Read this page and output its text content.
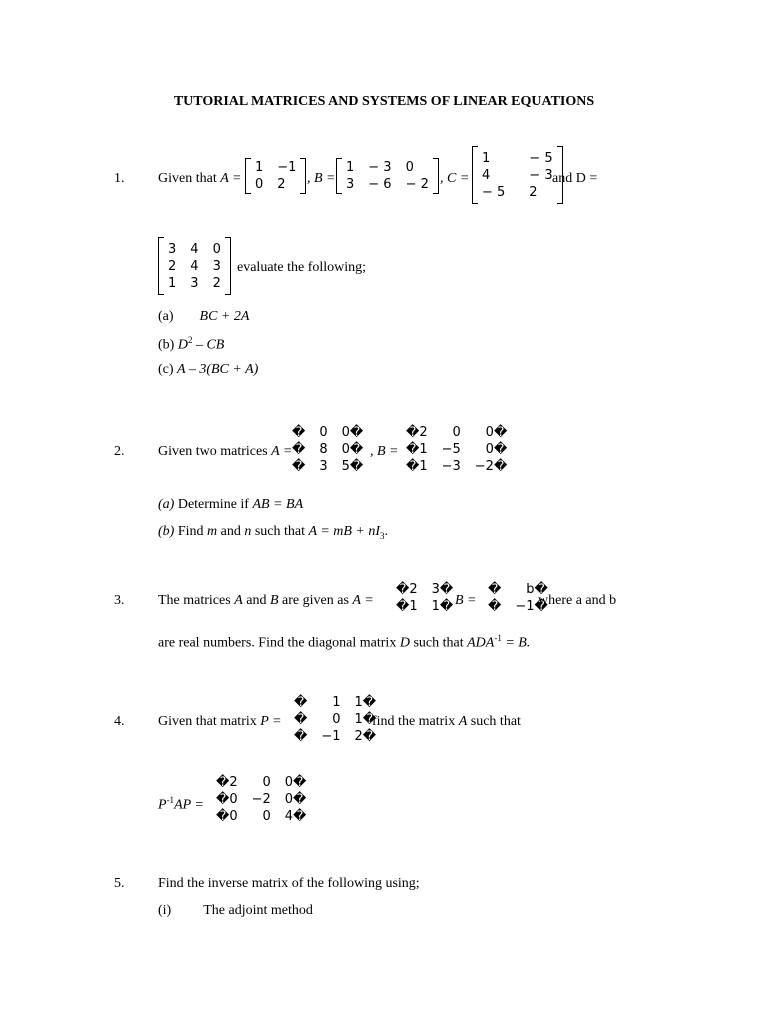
TUTORIAL MATRICES AND SYSTEMS OF LINEAR EQUATIONS
1. Given that A =
1 −1
0 2	, B =
1 − 3 0
3 − 6 − 2 , C =
1	− 5
4	− 3
− 5 2
and D =
3 4 0
2 4 3
1 3 2
evaluate the following;
(a) BC + 2A
(b) $D^2$ – CB
(c) A – 3(BC + A)
2. Given two matrices A =
� 0 0�
� 8 0�
� 3 5�
, B =
�2	0	0�
�1 −5	0�
�1 −3 −2�
(a) Determine if AB = BA
(b) Find m and n such that A = mB + $nI_3$.
3. The matrices A and B are given as A =
�2 3�
�1 1�
, B =
�	b�
� −1�
where a and b
are real numbers. Find the diagonal matrix D such that $ADA^{-1} = B$.
4. Given that matrix P =
�	1 1�
�	0 1�
� −1 2�
find the matrix A such that
$P^{-1}AP$ =
�2	0 0�
�0 −2 0�
�0	0 4�
5. Find the inverse matrix of the following using;
(i) The adjoint method
